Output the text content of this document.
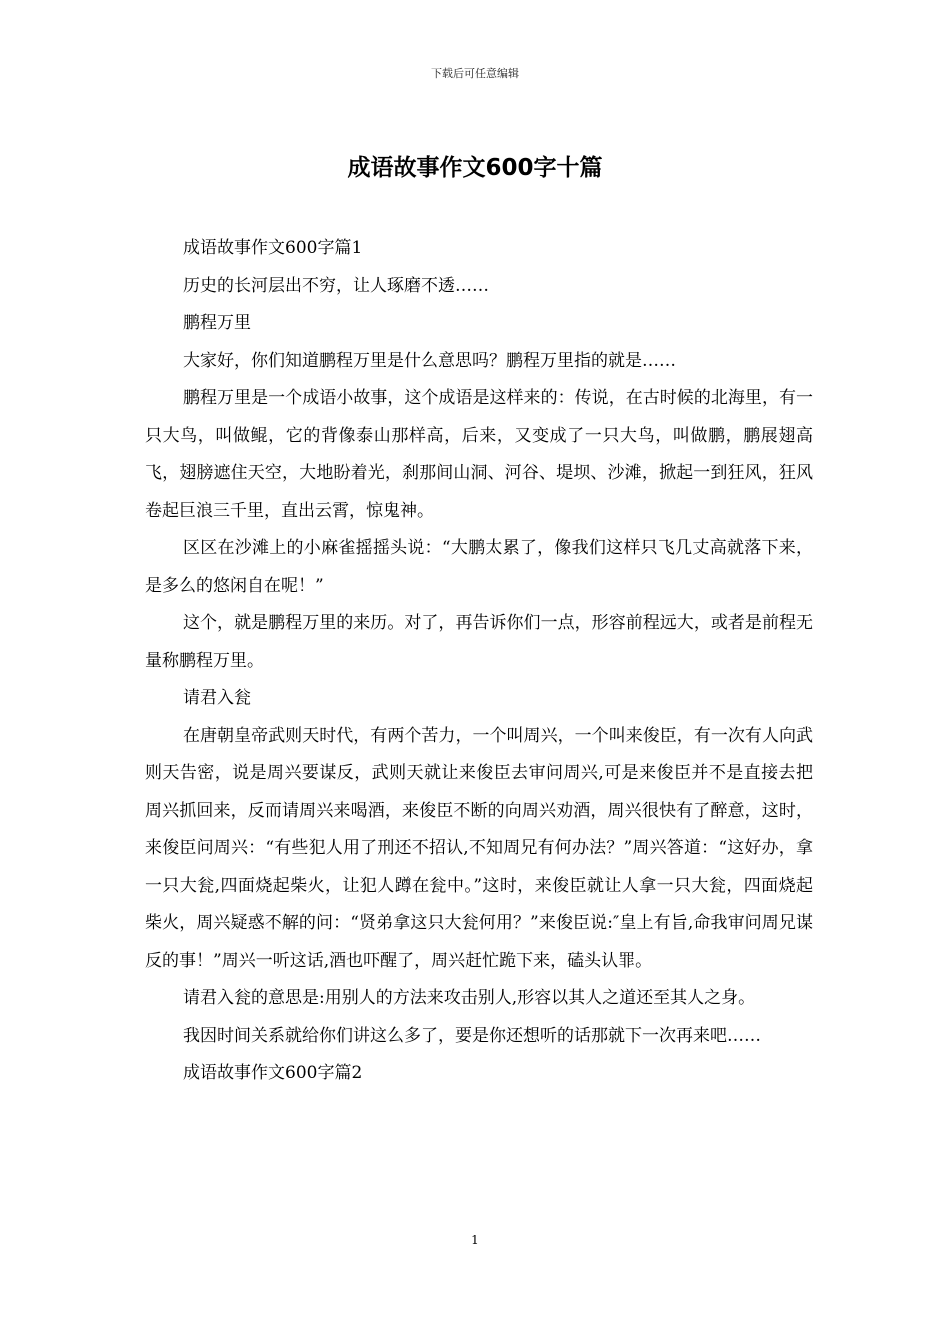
下载后可任意编辑
成语故事作文600字十篇

成语故事作文600字篇1

历史的长河层出不穷，让人琢磨不透……

鹏程万里

大家好，你们知道鹏程万里是什么意思吗？鹏程万里指的就是……

鹏程万里是一个成语小故事，这个成语是这样来的：传说，在古时候的北海里，有一只大鸟，叫做鲲，它的背像泰山那样高，后来，又变成了一只大鸟，叫做鹏，鹏展翅高飞，翅膀遮住天空，大地盼着光，刹那间山洞、河谷、堤坝、沙滩，掀起一到狂风，狂风卷起巨浪三千里，直出云霄，惊鬼神。

区区在沙滩上的小麻雀摇摇头说：“大鹏太累了，像我们这样只飞几丈高就落下来，是多么的悠闲自在呢！”

这个，就是鹏程万里的来历。对了，再告诉你们一点，形容前程远大，或者是前程无量称鹏程万里。

请君入瓮

在唐朝皇帝武则天时代，有两个苦力，一个叫周兴，一个叫来俊臣，有一次有人向武则天告密，说是周兴要谋反，武则天就让来俊臣去审问周兴,可是来俊臣并不是直接去把周兴抓回来，反而请周兴来喝酒，来俊臣不断的向周兴劝酒，周兴很快有了醉意，这时，来俊臣问周兴：“有些犯人用了刑还不招认,不知周兄有何办法？”周兴答道：“这好办，拿一只大瓮,四面烧起柴火，让犯人蹲在瓮中。”这时，来俊臣就让人拿一只大瓮，四面烧起柴火，周兴疑惑不解的问：“贤弟拿这只大瓮何用？”来俊臣说:″皇上有旨,命我审问周兄谋反的事！”周兴一听这话,酒也吓醒了，周兴赶忙跪下来，磕头认罪。

请君入瓮的意思是:用别人的方法来攻击别人,形容以其人之道还至其人之身。

我因时间关系就给你们讲这么多了，要是你还想听的话那就下一次再来吧……

成语故事作文600字篇2

1
